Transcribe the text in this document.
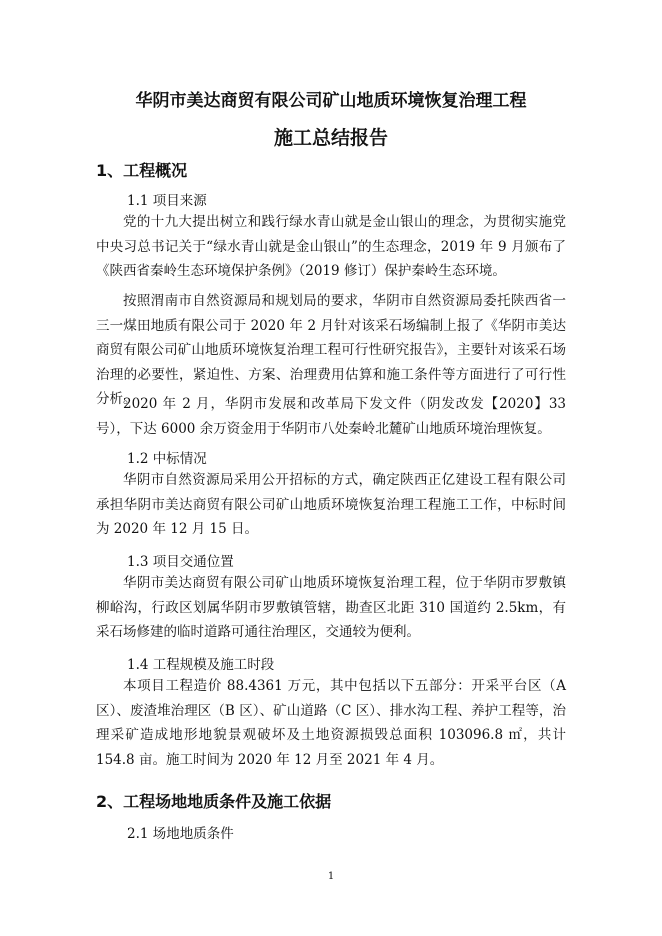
华阴市美达商贸有限公司矿山地质环境恢复治理工程
施工总结报告
1、工程概况
1.1 项目来源
党的十九大提出树立和践行绿水青山就是金山银山的理念，为贯彻实施党中央习总书记关于“绿水青山就是金山银山”的生态理念，2019 年 9 月颁布了《陕西省秦岭生态环境保护条例》（2019 修订）保护秦岭生态环境。
按照渭南市自然资源局和规划局的要求，华阴市自然资源局委托陕西省一三一煤田地质有限公司于 2020 年 2 月针对该采石场编制上报了《华阴市美达商贸有限公司矿山地质环境恢复治理工程可行性研究报告》，主要针对该采石场治理的必要性，紧迫性、方案、治理费用估算和施工条件等方面进行了可行性分析。
2020 年 2 月，华阴市发展和改革局下发文件（阴发改发【2020】33 号），下达 6000 余万资金用于华阴市八处秦岭北麓矿山地质环境治理恢复。
1.2 中标情况
华阴市自然资源局采用公开招标的方式，确定陕西正亿建设工程有限公司承担华阴市美达商贸有限公司矿山地质环境恢复治理工程施工工作，中标时间为 2020 年 12 月 15 日。
1.3 项目交通位置
华阴市美达商贸有限公司矿山地质环境恢复治理工程，位于华阴市罗敷镇柳峪沟，行政区划属华阴市罗敷镇管辖，勘查区北距 310 国道约 2.5km，有采石场修建的临时道路可通往治理区，交通较为便利。
1.4 工程规模及施工时段
本项目工程造价 88.4361 万元，其中包括以下五部分：开采平台区（A 区）、废渣堆治理区（B 区）、矿山道路（C 区）、排水沟工程、养护工程等，治理采矿造成地形地貌景观破坏及土地资源损毁总面积 103096.8 ㎡，共计 154.8 亩。施工时间为 2020 年 12 月至 2021 年 4 月。
2、工程场地地质条件及施工依据
2.1 场地地质条件
1
